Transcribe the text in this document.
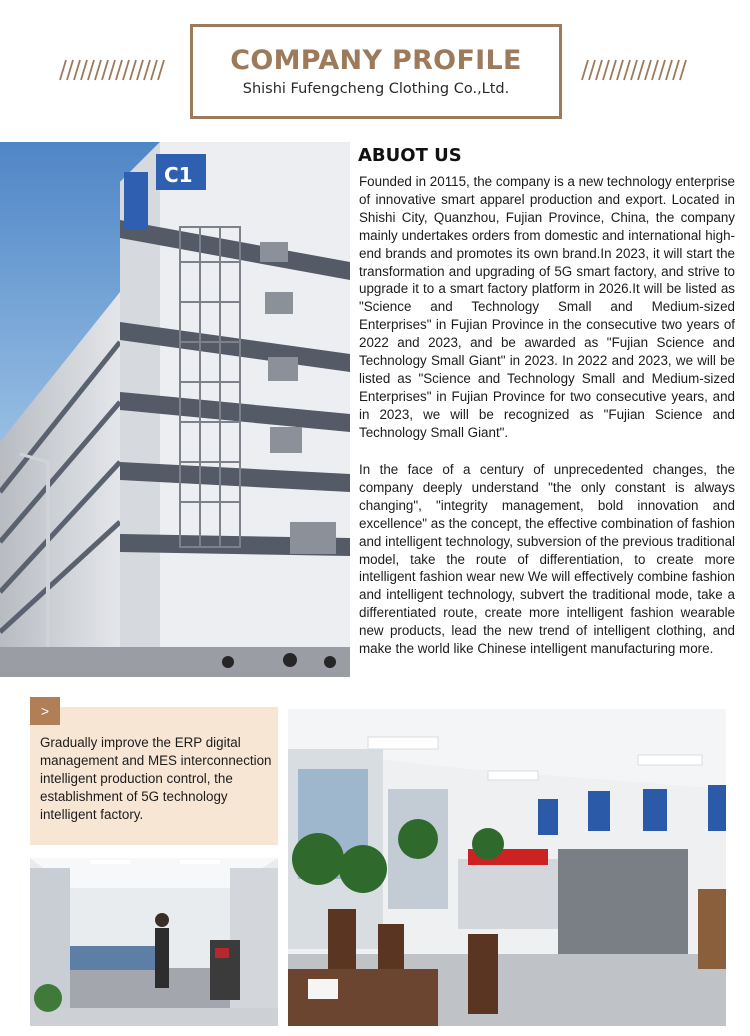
COMPANY PROFILE
Shishi Fufengcheng Clothing Co.,Ltd.
C1
ABUOT US

Founded in 20115, the company is a new technology enterprise of innovative smart apparel production and export. Located in Shishi City, Quanzhou, Fujian Province, China, the company mainly undertakes orders from domestic and international high-end brands and promotes its own brand.In 2023, it will start the transformation and upgrading of 5G smart factory, and strive to upgrade it to a smart factory platform in 2026.It will be listed as "Science and Technology Small and Medium-sized Enterprises" in Fujian Province in the consecutive two years of 2022 and 2023, and be awarded as "Fujian Science and Technology Small Giant" in 2023. In 2022 and 2023, we will be listed as "Science and Technology Small and Medium-sized Enterprises" in Fujian Province for two consecutive years, and in 2023, we will be recognized as "Fujian Science and Technology Small Giant".

In the face of a century of unprecedented changes, the company deeply understand "the only constant is always changing", "integrity management, bold innovation and excellence" as the concept, the effective combination of fashion and intelligent technology, subversion of the previous traditional model, take the route of differentiation, to create more intelligent fashion wear new We will effectively combine fashion and intelligent technology, subvert the traditional mode, take a differentiated route, create more intelligent fashion wearable new products, lead the new trend of intelligent clothing, and make the world like Chinese intelligent manufacturing more.

>

Gradually improve the ERP digital management and MES interconnection intelligent production control, the establishment of 5G technology intelligent factory.
